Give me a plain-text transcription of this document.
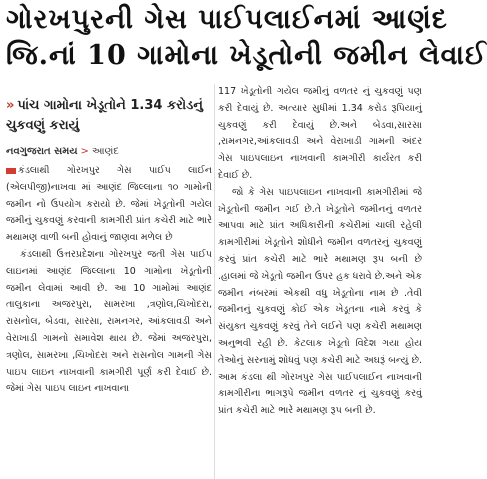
ગોરખપુરની ગેસ પાઈપલાઈનમાં આણંદ
જિ.નાં 10 ગામોના ખેડૂતોની જમીન લેવાઈ
» પાંચ ગામોના ખેડૂતોને 1.34 કરોડનું ચુકવણું કરાયું
નવગુજરાત સમય > આણંદ

કંડલાથી ગોરખપુર ગેસ પાઈપ લાઈન (એલપીજી)નાખવા માં આણંદ જિલ્લાના ૧૦ ગામોની જમીન નો ઉપયોગ કરાયો છે. જેમાં ખેડૂતોની ગયેલ જમીનું ચુકવણું કરવાની કામગીરી પ્રાંત કચેરી માટે ભારે મથામણ વાળી બની હોવાનું જાણવા મળેલ છે

કંડલાથી ઉત્તરપ્રદેશના ગોરખપુર જતી ગેસ પાઈપ લાઇનમાં આણંદ જિલ્લાના 10 ગામોના ખેડૂતોની જમીન લેવામાં આવી છે. આ 10 ગામોમાં આણંદ તાલુકાના અજરપુરા, સામરખા ,ત્રણોલ,ચિખોદરા, રાસનોલ, બેડવા, સારસા, રામનગર, આંકલાવડી અને વેરાખાડી ગામનો સમાવેશ થાય છે. જેમાં અજરપુરા, ત્રણોલ, સામરખા ,ચિખોદરા અને રાસનોલ ગામની ગેસ પાઇપ લાઇન નાખવાની કામગીરી પૂર્ણ કરી દેવાઈ છે. જેમાં ગેસ પાઇપ લાઇન નાખવાના

117 ખેડૂતોની ગયેલ જમીનું વળતર નું ચુકવણું પણ કરી દેવાયું છે. અત્યાર સુધીમાં 1.34 કરોડ રૂપિયાનું ચુકવણું કરી દેવાયું છે.અને બેડવા,સારસા ,રામનગર,આંકલાવડી અને વેરાખાડી ગામની અંદર ગેસ પાઇપલાઇન નાખવાની કામગીરી કાર્યરત કરી દેવાઈ છે.

જો કે ગેસ પાઇપલાઇન નાખવાની કામગીરીમાં જે ખેડૂતોની જમીન ગઈ છે.તે ખેડૂતોને જમીનનું વળતર આપવા માટે પ્રાંત અધિકારીની કચેરીમાં ચાલી રહેલી કામગીરીમાં ખેડૂતોને શોધીને જમીન વળતરનું ચુકવણું કરવું પ્રાંત કચેરી માટે ભારે મથામણ રૂપ બની છે .હાલમાં જે ખેડૂતો જમીન ઉપર હક ધરાવે છે.અને એક જમીન નંબરમાં એકથી વધુ ખેડૂતોના નામ છે .તેવી જમીનનું ચુકવણું કોઈ એક ખેડૂતના નામે કરવું કે સંયુક્ત ચુકવણું કરવું તેને લઈને પણ કચેરી મથામણ અનુભવી રહી છે. કેટલાક ખેડૂતો વિદેશ ગયા હોય તેઓનું સરનામું શોધવું પણ કચેરી માટે અઘરૂં બન્યું છે. આમ કંડલા થી ગોરખપુર ગેસ પાઈપલાઈન નાખવાની કામગીરીના ભાગરૂપે જમીન વળતર નું ચુકવણું કરવું પ્રાંત કચેરી માટે ભારે મથામણ રૂપ બની છે.
